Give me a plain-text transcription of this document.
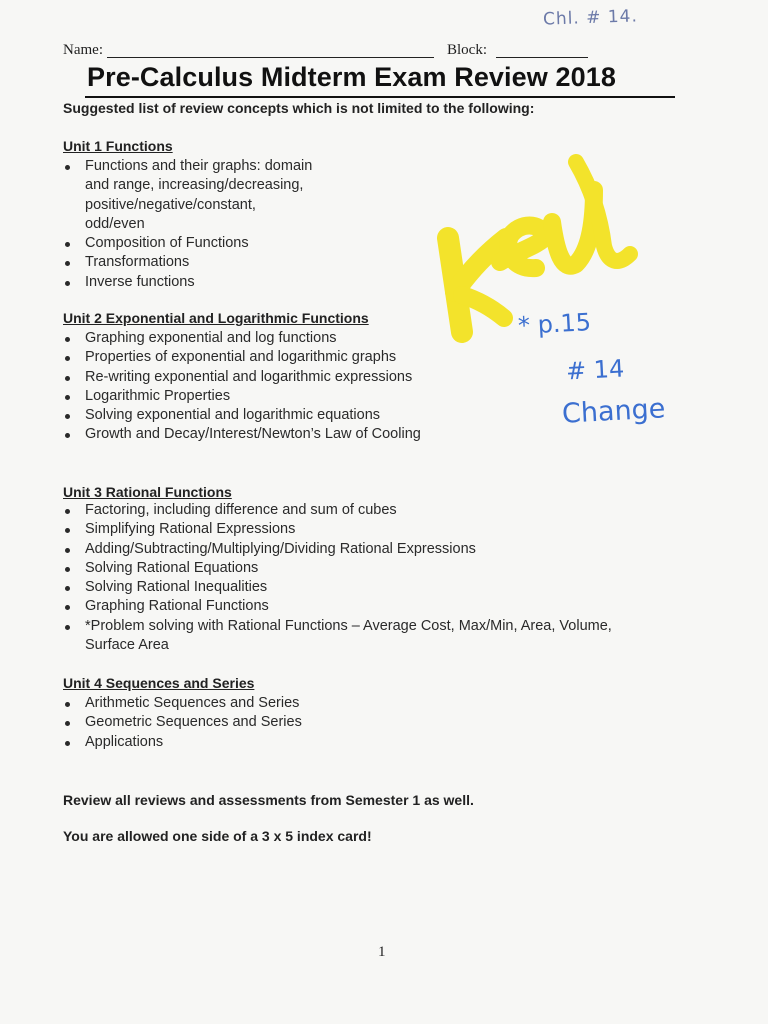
Chl. # 14.
Name:	Block:
Pre-Calculus Midterm Exam Review 2018
Suggested list of review concepts which is not limited to the following:
Unit 1 Functions
Functions and their graphs: domain
and range, increasing/decreasing,
positive/negative/constant,
odd/even
Composition of Functions
Transformations
Inverse functions
Unit 2 Exponential and Logarithmic Functions
Graphing exponential and log functions
Properties of exponential and logarithmic graphs
Re-writing exponential and logarithmic expressions
Logarithmic Properties
Solving exponential and logarithmic equations
Growth and Decay/Interest/Newton’s Law of Cooling
Unit 3 Rational Functions
Factoring, including difference and sum of cubes
Simplifying Rational Expressions
Adding/Subtracting/Multiplying/Dividing Rational Expressions
Solving Rational Equations
Solving Rational Inequalities
Graphing Rational Functions
*Problem solving with Rational Functions – Average Cost, Max/Min, Area, Volume,
Surface Area
Unit 4 Sequences and Series
Arithmetic Sequences and Series
Geometric Sequences and Series
Applications
Review all reviews and assessments from Semester 1 as well.
You are allowed one side of a 3 x 5 index card!
1
* p.15
# 14
Change
